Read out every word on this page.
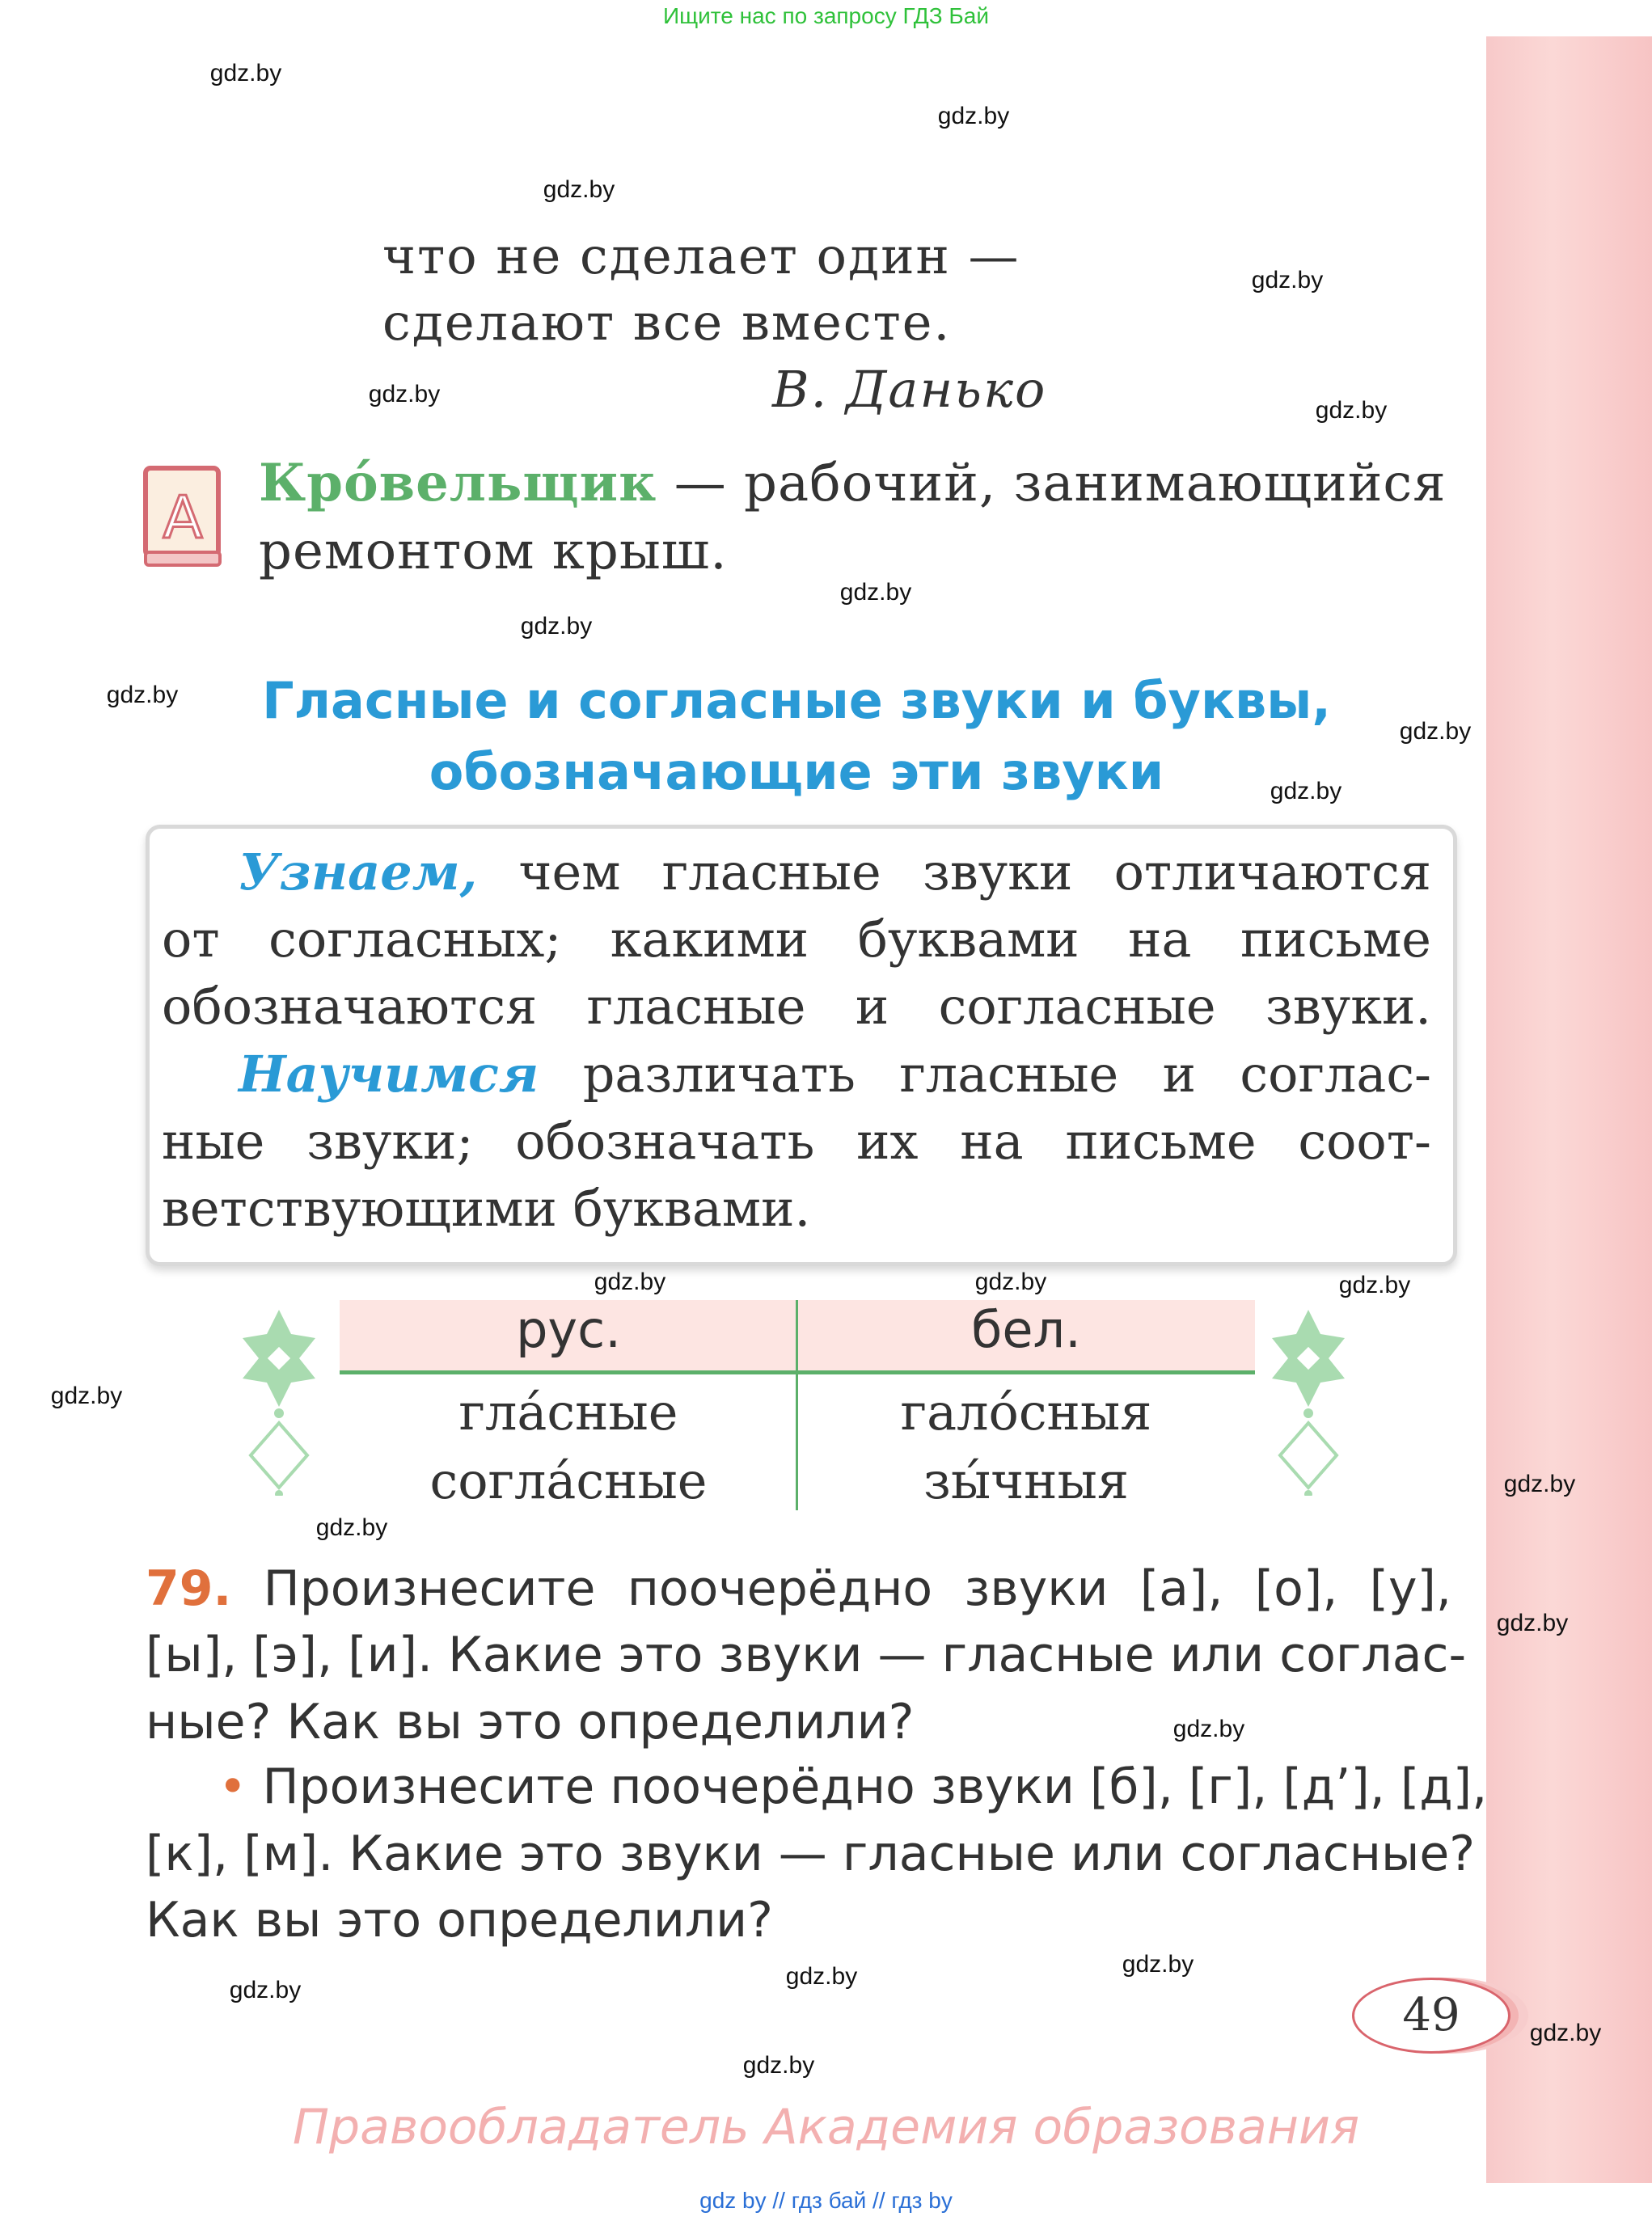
Ищите нас по запросу ГДЗ Бай
что не сделает один —
сделают все вместе.
В. Данько
А
Кро́вельщик — рабочий, занимающийся
ремонтом крыш.
Гласные и согласные звуки и буквы,
обозначающие эти звуки
Узнаем, чем гласные звуки отличаются
от согласных; какими буквами на письме
обозначаются гласные и согласные звуки.
Научимся различать гласные и соглас-
ные звуки; обозначать их на письме соот-
ветствующими буквами.
рус.	бел.
гла́сные	гало́сныя
согла́сные	зы́чныя
79. Произнесите поочерёдно звуки [а], [о], [у],
[ы], [э], [и]. Какие это звуки — гласные или соглас-
ные? Как вы это определили?
• Произнесите поочерёдно звуки [б], [г], [д’], [д],
[к], [м]. Какие это звуки — гласные или согласные?
Как вы это определили?
49
Правообладатель Академия образования
gdz by // гдз бай // гдз by
gdz.by
gdz.by
gdz.by
gdz.by
gdz.by
gdz.by
gdz.by
gdz.by
gdz.by
gdz.by
gdz.by
gdz.by
gdz.by
gdz.by
gdz.by
gdz.by
gdz.by
gdz.by
gdz.by
gdz.by	gdz.by
gdz.by
gdz.by
gdz.by
